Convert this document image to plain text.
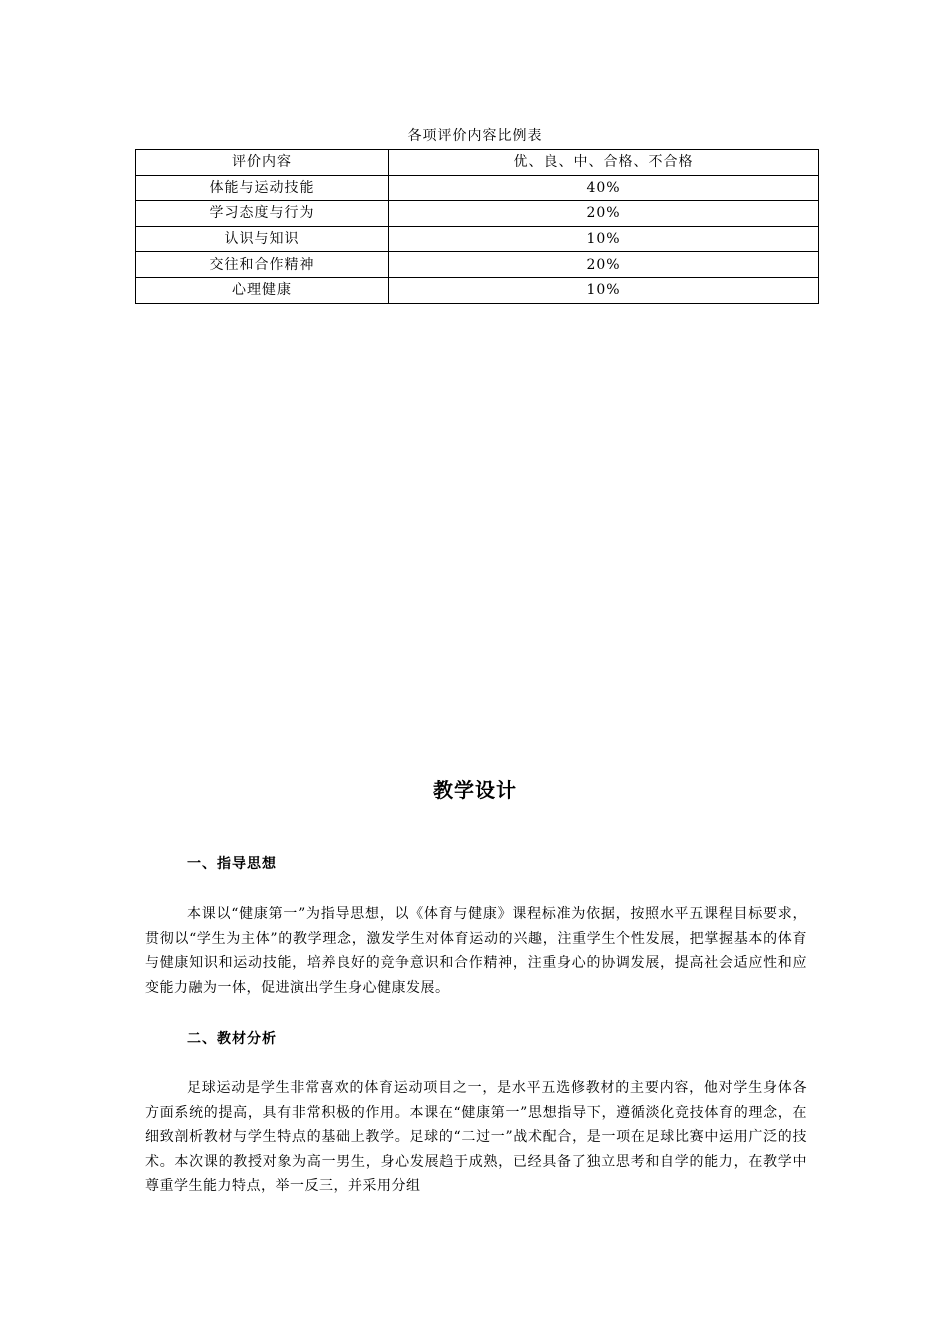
各项评价内容比例表
评价内容	优、良、中、合格、不合格
体能与运动技能	40%
学习态度与行为	20%
认识与知识	10%
交往和合作精神	20%
心理健康	10%
教学设计
一、指导思想

本课以“健康第一”为指导思想，以《体育与健康》课程标准为依据，按照水平五课程目标要求，贯彻以“学生为主体”的教学理念，激发学生对体育运动的兴趣，注重学生个性发展，把掌握基本的体育与健康知识和运动技能，培养良好的竞争意识和合作精神，注重身心的协调发展，提高社会适应性和应变能力融为一体，促进演出学生身心健康发展。

二、教材分析

足球运动是学生非常喜欢的体育运动项目之一，是水平五选修教材的主要内容，他对学生身体各方面系统的提高，具有非常积极的作用。本课在“健康第一”思想指导下，遵循淡化竞技体育的理念，在细致剖析教材与学生特点的基础上教学。足球的“二过一”战术配合，是一项在足球比赛中运用广泛的技术。本次课的教授对象为高一男生，身心发展趋于成熟，已经具备了独立思考和自学的能力，在教学中尊重学生能力特点，举一反三，并采用分组
